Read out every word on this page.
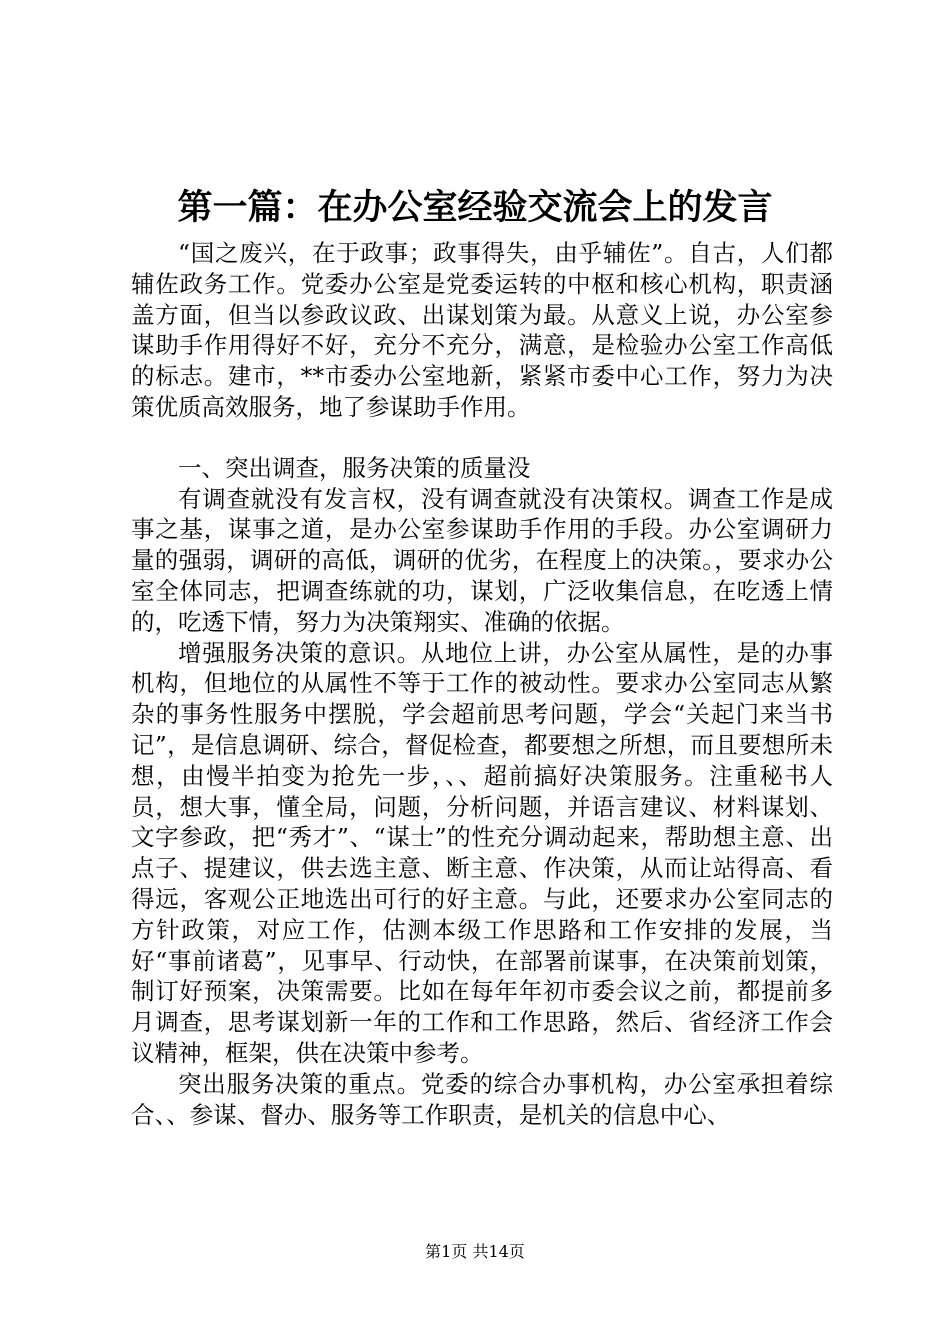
第一篇：在办公室经验交流会上的发言

“国之废兴，在于政事；政事得失，由乎辅佐”。自古，人们都辅佐政务工作。党委办公室是党委运转的中枢和核心机构，职责涵盖方面，但当以参政议政、出谋划策为最。从意义上说，办公室参谋助手作用得好不好，充分不充分，满意，是检验办公室工作高低的标志。建市，**市委办公室地新，紧紧市委中心工作，努力为决策优质高效服务，地了参谋助手作用。

一、突出调查，服务决策的质量没

有调查就没有发言权，没有调查就没有决策权。调查工作是成事之基，谋事之道，是办公室参谋助手作用的手段。办公室调研力量的强弱，调研的高低，调研的优劣，在程度上的决策。，要求办公室全体同志，把调查练就的功，谋划，广泛收集信息，在吃透上情的，吃透下情，努力为决策翔实、准确的依据。

增强服务决策的意识。从地位上讲，办公室从属性，是的办事机构，但地位的从属性不等于工作的被动性。要求办公室同志从繁杂的事务性服务中摆脱，学会超前思考问题，学会“关起门来当书记”，是信息调研、综合，督促检查，都要想之所想，而且要想所未想，由慢半拍变为抢先一步，、、超前搞好决策服务。注重秘书人员，想大事，懂全局，问题，分析问题，并语言建议、材料谋划、文字参政，把“秀才”、“谋士”的性充分调动起来，帮助想主意、出点子、提建议，供去选主意、断主意、作决策，从而让站得高、看得远，客观公正地选出可行的好主意。与此，还要求办公室同志的方针政策，对应工作，估测本级工作思路和工作安排的发展，当好“事前诸葛”，见事早、行动快，在部署前谋事，在决策前划策，制订好预案，决策需要。比如在每年年初市委会议之前，都提前多月调查，思考谋划新一年的工作和工作思路，然后、省经济工作会议精神，框架，供在决策中参考。

突出服务决策的重点。党委的综合办事机构，办公室承担着综合、、参谋、督办、服务等工作职责，是机关的信息中心、

第1页 共14页
